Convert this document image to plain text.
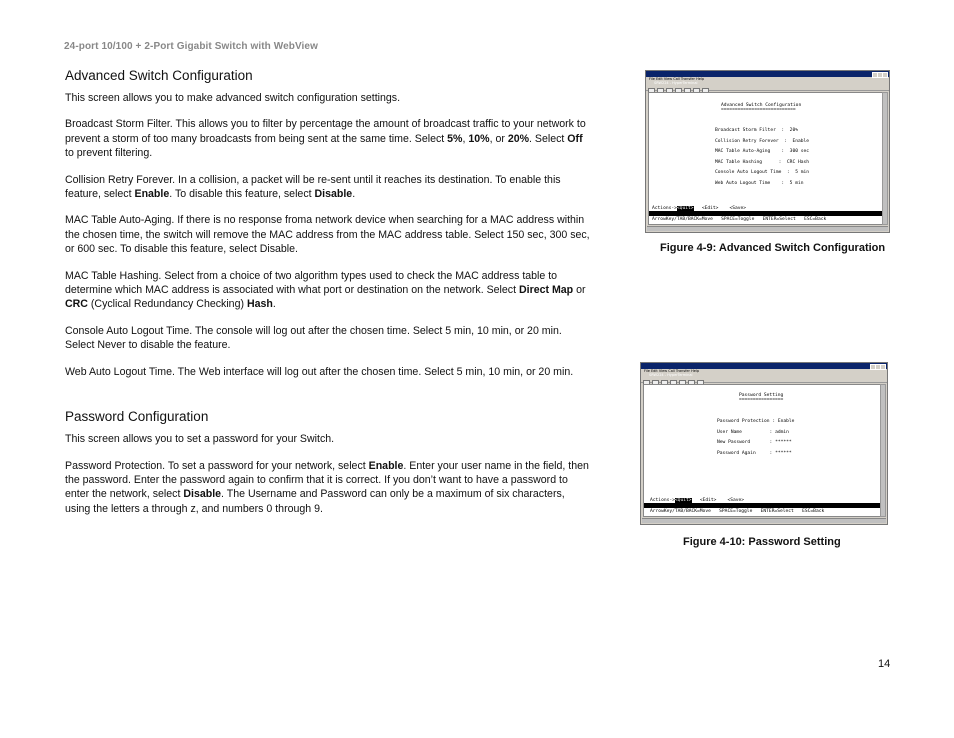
24-port 10/100 + 2-Port Gigabit Switch with WebView
Advanced Switch Configuration

This screen allows you to make advanced switch configuration settings.

Broadcast Storm Filter. This allows you to filter by percentage the amount of broadcast traffic to your network to prevent a storm of too many broadcasts from being sent at the same time. Select 5%, 10%, or 20%. Select Off to prevent filtering.

Collision Retry Forever. In a collision, a packet will be re-sent until it reaches its destination. To enable this feature, select Enable. To disable this feature, select Disable.

MAC Table Auto-Aging. If there is no response froma network device when searching for a MAC address within the chosen time, the switch will remove the MAC address from the MAC address table. Select 150 sec, 300 sec, or 600 sec. To disable this feature, select Disable.

MAC Table Hashing. Select from a choice of two algorithm types used to check the MAC address table to determine which MAC address is associated with what port or destination on the network. Select Direct Map or CRC (Cyclical Redundancy Checking) Hash.

Console Auto Logout Time. The console will log out after the chosen time. Select 5 min, 10 min, or 20 min. Select Never to disable the feature.

Web Auto Logout Time. The Web interface will log out after the chosen time. Select 5 min, 10 min, or 20 min.

Password Configuration

This screen allows you to set a password for your Switch.

Password Protection. To set a password for your network, select Enable. Enter your user name in the field, then the password. Enter the password again to confirm that it is correct. If you don’t want to have a password to enter the network, select Disable. The Username and Password can only be a maximum of six characters, using the letters a through z, and numbers 0 through 9.

SRW224 - HyperTerminal
File Edit View Call Transfer Help
Advanced Switch Configuration
===========================
Broadcast Storm Filter  :  20%
Collision Retry Forever  :  Enable
MAC Table Auto-Aging    :  300 sec
MAC Table Hashing      :  CRC Hash
Console Auto Logout Time  :  5 min
Web Auto Logout Time    :  5 min
Actions-><Quit>   <Edit>    <Save>
ArrowKey/TAB/BACK=Move   SPACE=Toggle   ENTER=Select   ESC=Back
Figure 4-9: Advanced Switch Configuration
SRW224 - HyperTerminal
File Edit View Call Transfer Help
Password Setting
================
Password Protection : Enable
User Name          : admin
New Password       : ******
Password Again     : ******
Actions-><Quit>   <Edit>    <Save>
ArrowKey/TAB/BACK=Move   SPACE=Toggle   ENTER=Select   ESC=Back
Figure 4-10: Password Setting
14
